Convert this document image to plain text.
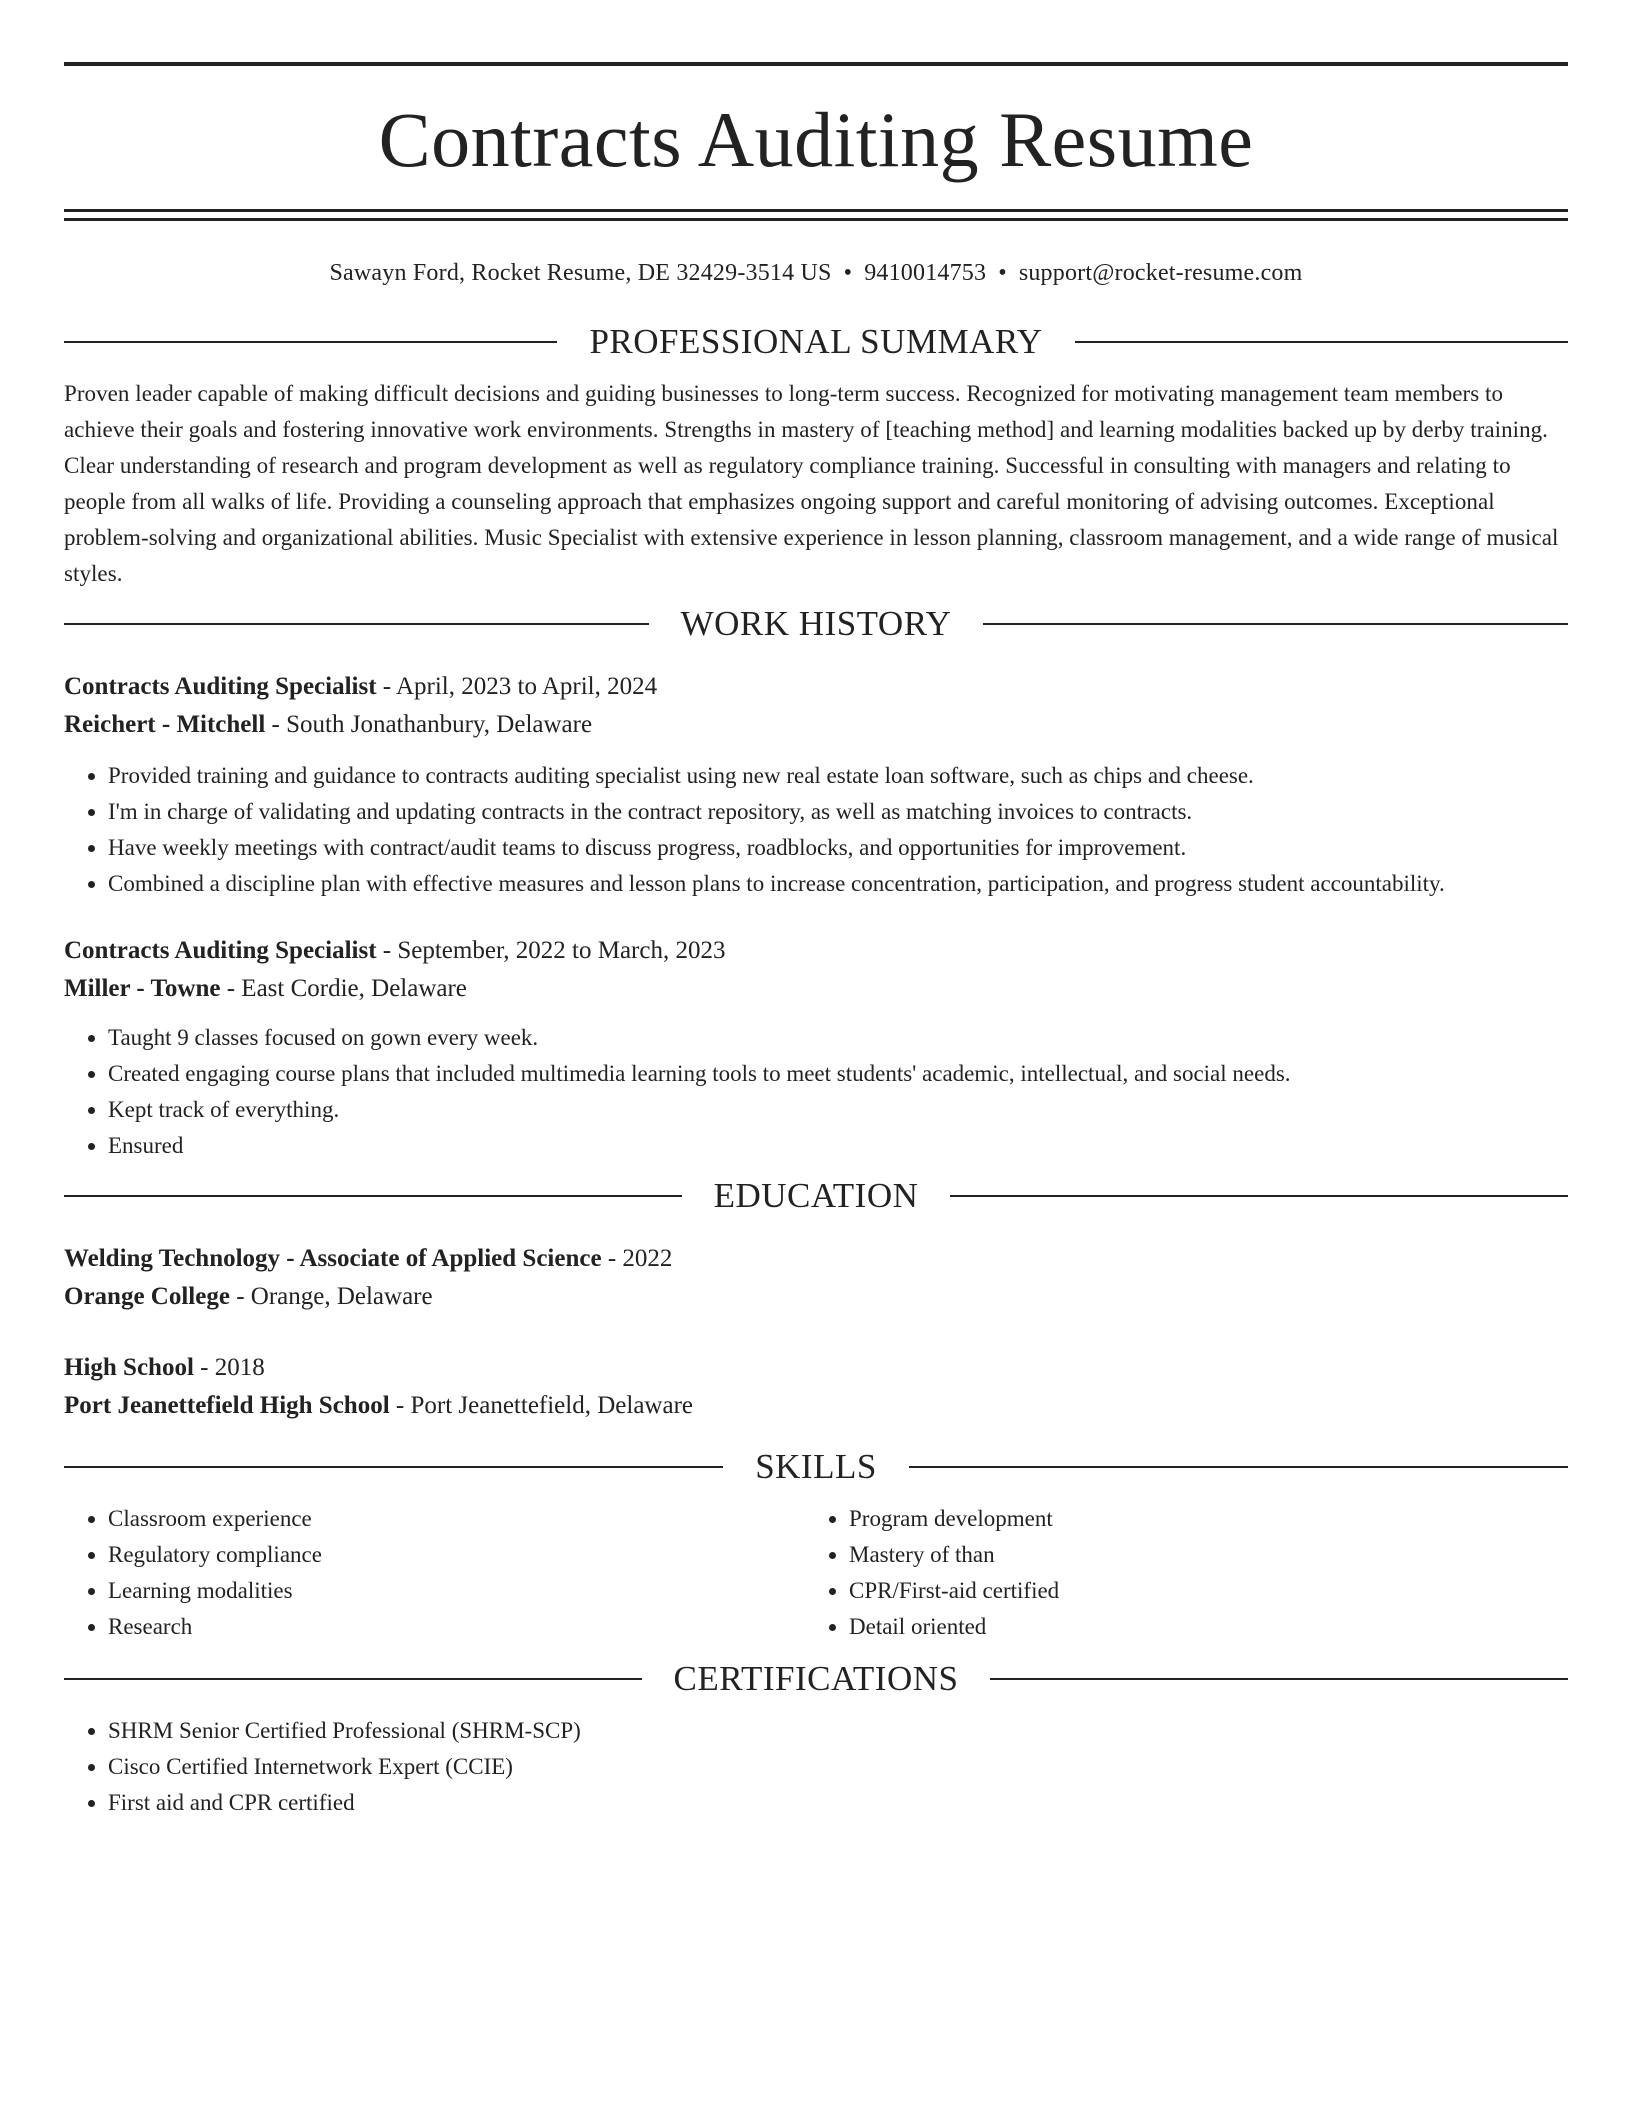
Contracts Auditing Resume
Sawayn Ford, Rocket Resume, DE 32429-3514 US • 9410014753 • support@rocket-resume.com
PROFESSIONAL SUMMARY

Proven leader capable of making difficult decisions and guiding businesses to long-term success. Recognized for motivating management team members to achieve their goals and fostering innovative work environments. Strengths in mastery of [teaching method] and learning modalities backed up by derby training. Clear understanding of research and program development as well as regulatory compliance training. Successful in consulting with managers and relating to people from all walks of life. Providing a counseling approach that emphasizes ongoing support and careful monitoring of advising outcomes. Exceptional problem-solving and organizational abilities. Music Specialist with extensive experience in lesson planning, classroom management, and a wide range of musical styles.

WORK HISTORY

Contracts Auditing Specialist - April, 2023 to April, 2024

Reichert - Mitchell - South Jonathanbury, Delaware

• Provided training and guidance to contracts auditing specialist using new real estate loan software, such as chips and cheese.
• I'm in charge of validating and updating contracts in the contract repository, as well as matching invoices to contracts.
• Have weekly meetings with contract/audit teams to discuss progress, roadblocks, and opportunities for improvement.
• Combined a discipline plan with effective measures and lesson plans to increase concentration, participation, and progress student accountability.

Contracts Auditing Specialist - September, 2022 to March, 2023

Miller - Towne - East Cordie, Delaware

• Taught 9 classes focused on gown every week.
• Created engaging course plans that included multimedia learning tools to meet students' academic, intellectual, and social needs.
• Kept track of everything.
• Ensured
EDUCATION

Welding Technology - Associate of Applied Science - 2022

Orange College - Orange, Delaware

High School - 2018

Port Jeanettefield High School - Port Jeanettefield, Delaware

SKILLS
• Classroom experience
• Regulatory compliance
• Learning modalities
• Research
• Program development
• Mastery of than
• CPR/First-aid certified
• Detail oriented
CERTIFICATIONS
• SHRM Senior Certified Professional (SHRM-SCP)
• Cisco Certified Internetwork Expert (CCIE)
• First aid and CPR certified
